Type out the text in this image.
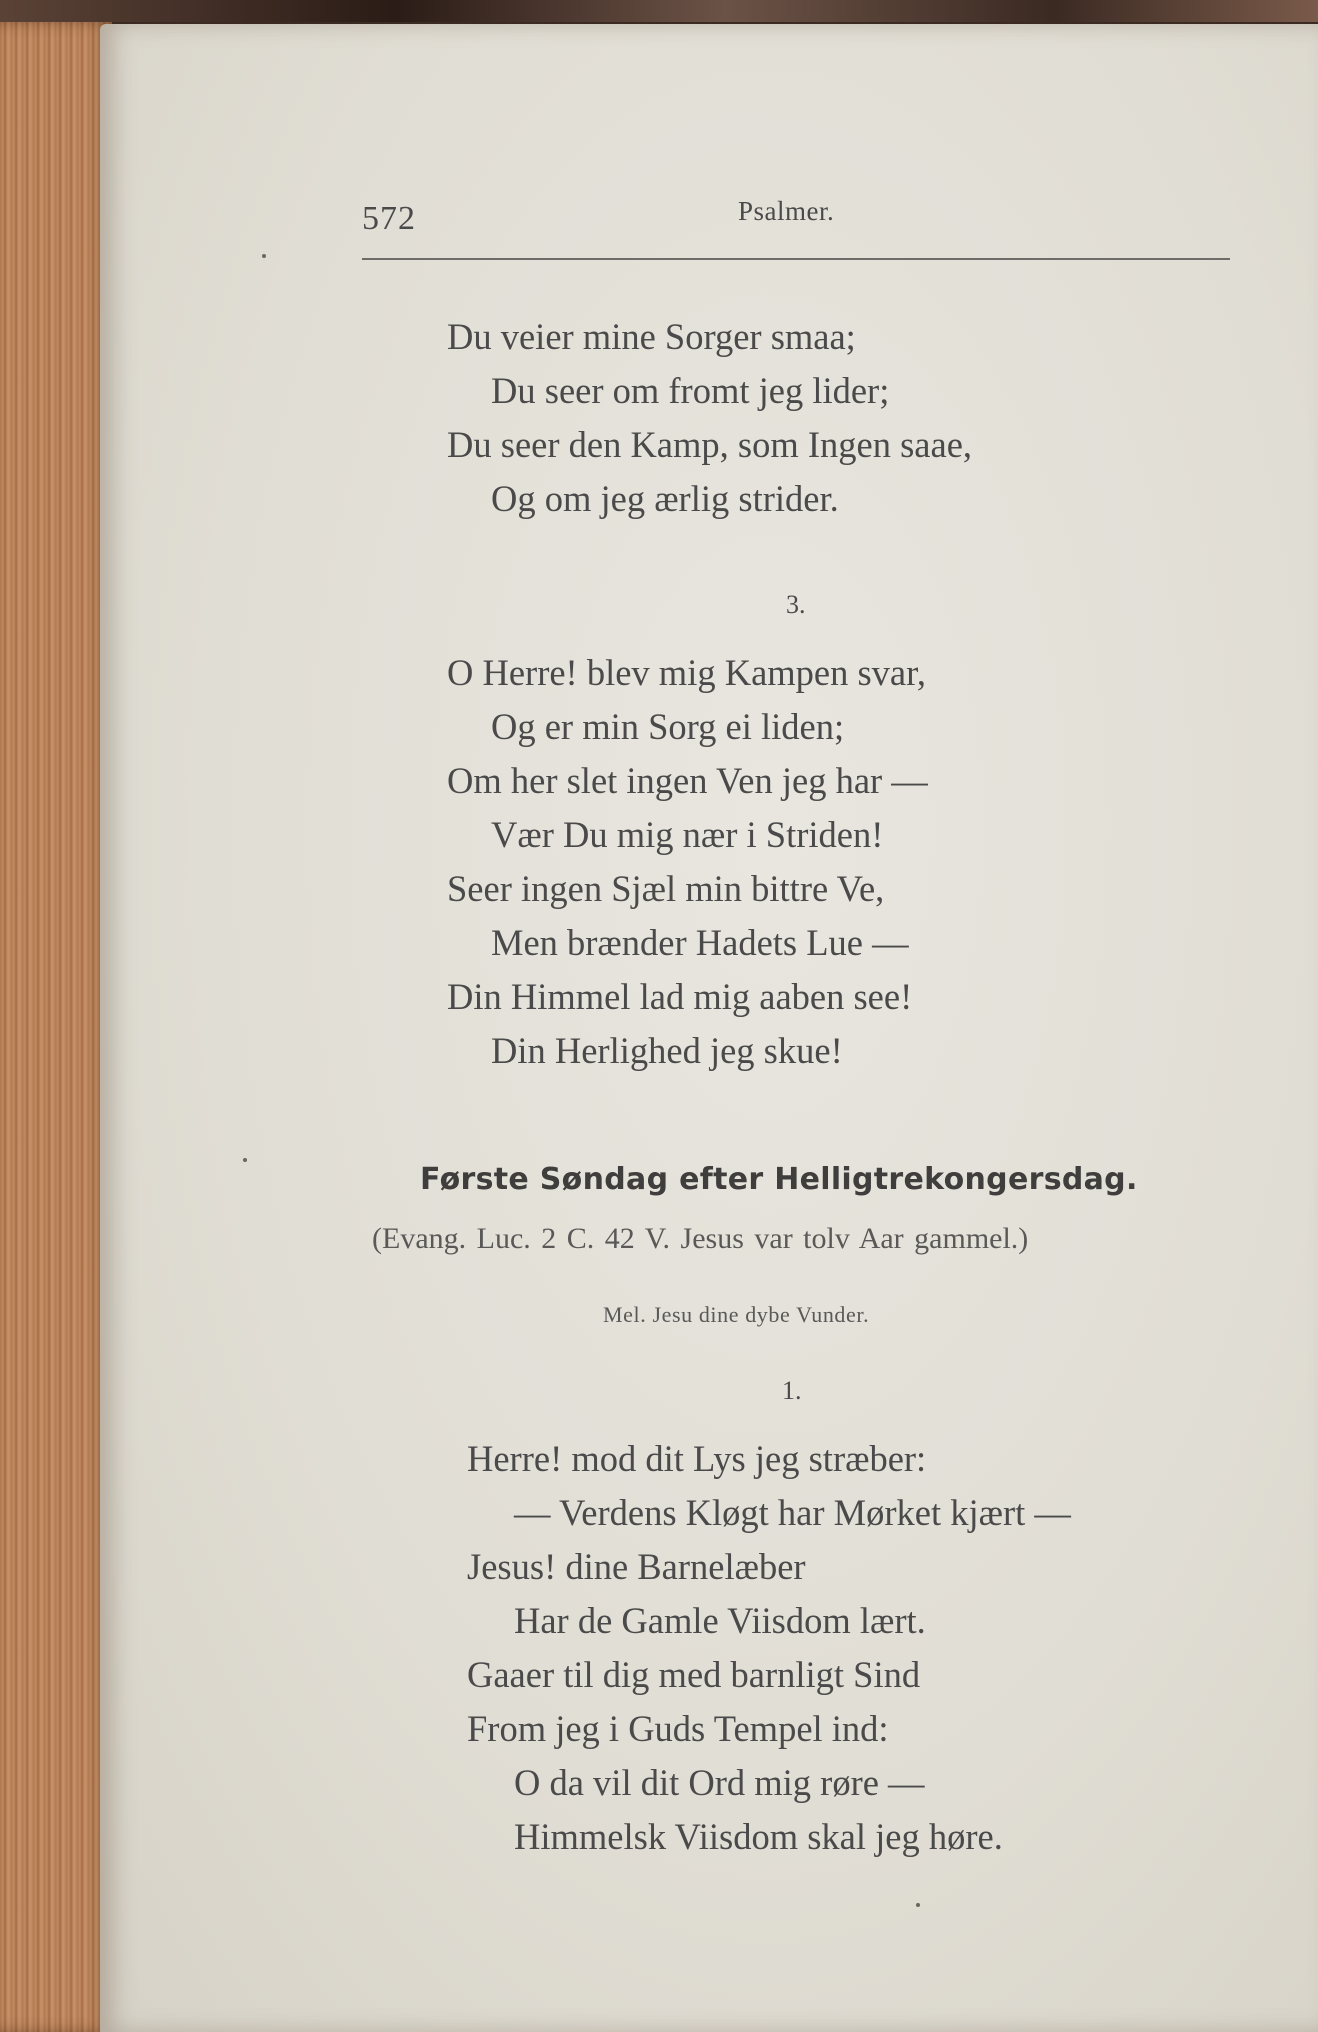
572	Psalmer.
Du veier mine Sorger smaa;
Du seer om fromt jeg lider;
Du seer den Kamp, som Ingen saae,
Og om jeg ærlig strider.
3.
O Herre! blev mig Kampen svar,
Og er min Sorg ei liden;
Om her slet ingen Ven jeg har —
Vær Du mig nær i Striden!
Seer ingen Sjæl min bittre Ve,
Men brænder Hadets Lue —
Din Himmel lad mig aaben see!
Din Herlighed jeg skue!
Første Søndag efter Helligtrekongersdag.
(Evang. Luc. 2 C. 42 V. Jesus var tolv Aar gammel.)
Mel. Jesu dine dybe Vunder.
1.
Herre! mod dit Lys jeg stræber:
— Verdens Kløgt har Mørket kjært —
Jesus! dine Barnelæber
Har de Gamle Viisdom lært.
Gaaer til dig med barnligt Sind
From jeg i Guds Tempel ind:
O da vil dit Ord mig røre —
Himmelsk Viisdom skal jeg høre.
